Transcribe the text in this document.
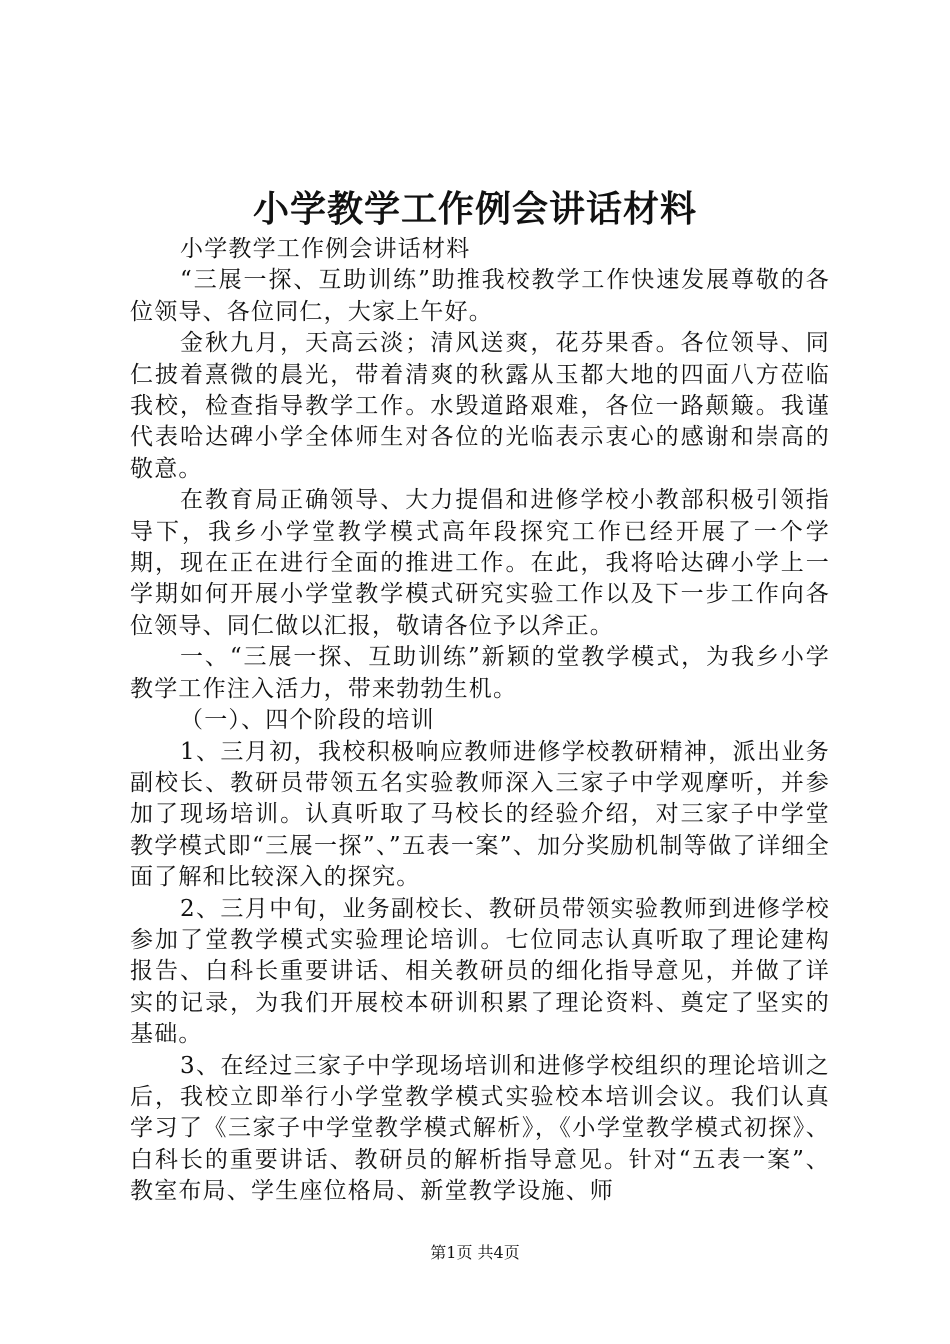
小学教学工作例会讲话材料

小学教学工作例会讲话材料

“三展一探、互助训练”助推我校教学工作快速发展尊敬的各位领导、各位同仁，大家上午好。

金秋九月，天高云淡；清风送爽，花芬果香。各位领导、同仁披着熹微的晨光，带着清爽的秋露从玉都大地的四面八方莅临我校，检查指导教学工作。水毁道路艰难，各位一路颠簸。我谨代表哈达碑小学全体师生对各位的光临表示衷心的感谢和崇高的敬意。

在教育局正确领导、大力提倡和进修学校小教部积极引领指导下，我乡小学堂教学模式高年段探究工作已经开展了一个学期，现在正在进行全面的推进工作。在此，我将哈达碑小学上一学期如何开展小学堂教学模式研究实验工作以及下一步工作向各位领导、同仁做以汇报，敬请各位予以斧正。

一、“三展一探、互助训练”新颖的堂教学模式，为我乡小学教学工作注入活力，带来勃勃生机。

（一）、四个阶段的培训

1、三月初，我校积极响应教师进修学校教研精神，派出业务副校长、教研员带领五名实验教师深入三家子中学观摩听，并参加了现场培训。认真听取了马校长的经验介绍，对三家子中学堂教学模式即“三展一探”、”五表一案”、加分奖励机制等做了详细全面了解和比较深入的探究。

2、三月中旬，业务副校长、教研员带领实验教师到进修学校参加了堂教学模式实验理论培训。七位同志认真听取了理论建构报告、白科长重要讲话、相关教研员的细化指导意见，并做了详实的记录，为我们开展校本研训积累了理论资料、奠定了坚实的基础。

3、在经过三家子中学现场培训和进修学校组织的理论培训之后，我校立即举行小学堂教学模式实验校本培训会议。我们认真学习了《三家子中学堂教学模式解析》，《小学堂教学模式初探》、白科长的重要讲话、教研员的解析指导意见。针对“五表一案”、教室布局、学生座位格局、新堂教学设施、师

第1页 共4页
